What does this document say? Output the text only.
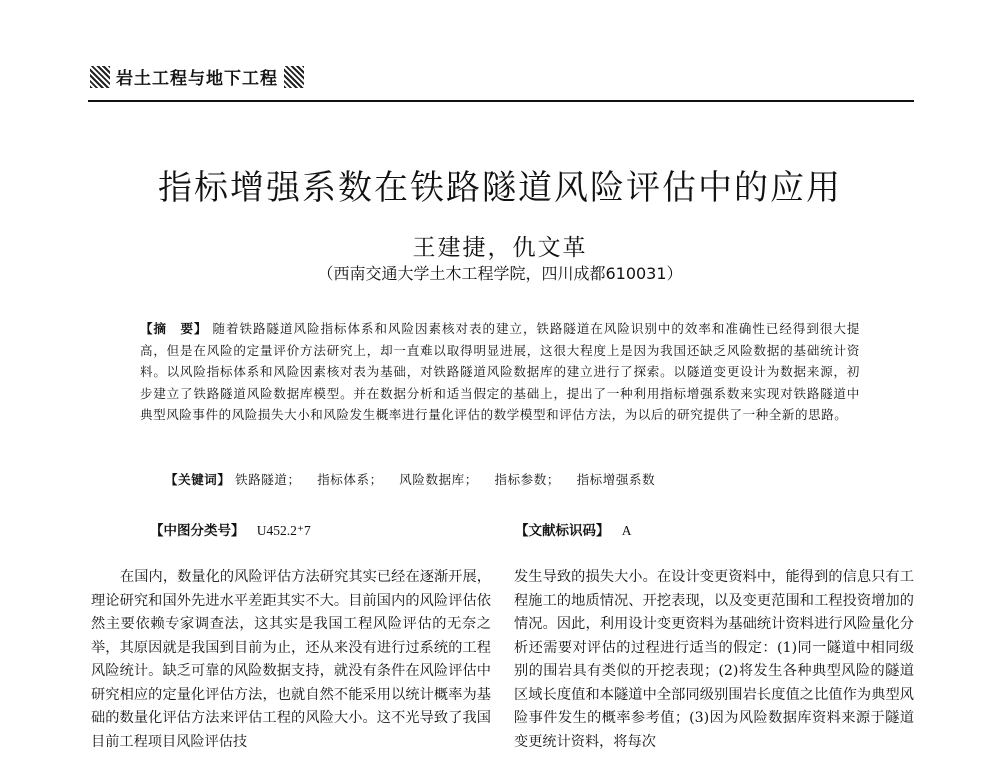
岩土工程与地下工程
指标增强系数在铁路隧道风险评估中的应用
王建捷，仇文革
（西南交通大学土木工程学院，四川成都610031）
【摘　要】 随着铁路隧道风险指标体系和风险因素核对表的建立，铁路隧道在风险识别中的效率和准确性已经得到很大提高，但是在风险的定量评价方法研究上，却一直难以取得明显进展，这很大程度上是因为我国还缺乏风险数据的基础统计资料。以风险指标体系和风险因素核对表为基础，对铁路隧道风险数据库的建立进行了探索。以隧道变更设计为数据来源，初步建立了铁路隧道风险数据库模型。并在数据分析和适当假定的基础上，提出了一种利用指标增强系数来实现对铁路隧道中典型风险事件的风险损失大小和风险发生概率进行量化评估的数学模型和评估方法，为以后的研究提供了一种全新的思路。
【关键词】 铁路隧道； 指标体系； 风险数据库； 指标参数； 指标增强系数
【中图分类号】 U452.2⁺7	【文献标识码】 A

在国内，数量化的风险评估方法研究其实已经在逐渐开展，理论研究和国外先进水平差距其实不大。目前国内的风险评估依然主要依赖专家调查法，这其实是我国工程风险评估的无奈之举，其原因就是我国到目前为止，还从来没有进行过系统的工程风险统计。缺乏可靠的风险数据支持，就没有条件在风险评估中研究相应的定量化评估方法，也就自然不能采用以统计概率为基础的数量化评估方法来评估工程的风险大小。这不光导致了我国目前工程项目风险评估技

发生导致的损失大小。在设计变更资料中，能得到的信息只有工程施工的地质情况、开挖表现，以及变更范围和工程投资增加的情况。因此，利用设计变更资料为基础统计资料进行风险量化分析还需要对评估的过程进行适当的假定：(1)同一隧道中相同级别的围岩具有类似的开挖表现；(2)将发生各种典型风险的隧道区域长度值和本隧道中全部同级别围岩长度值之比值作为典型风险事件发生的概率参考值；(3)因为风险数据库资料来源于隧道变更统计资料，将每次
